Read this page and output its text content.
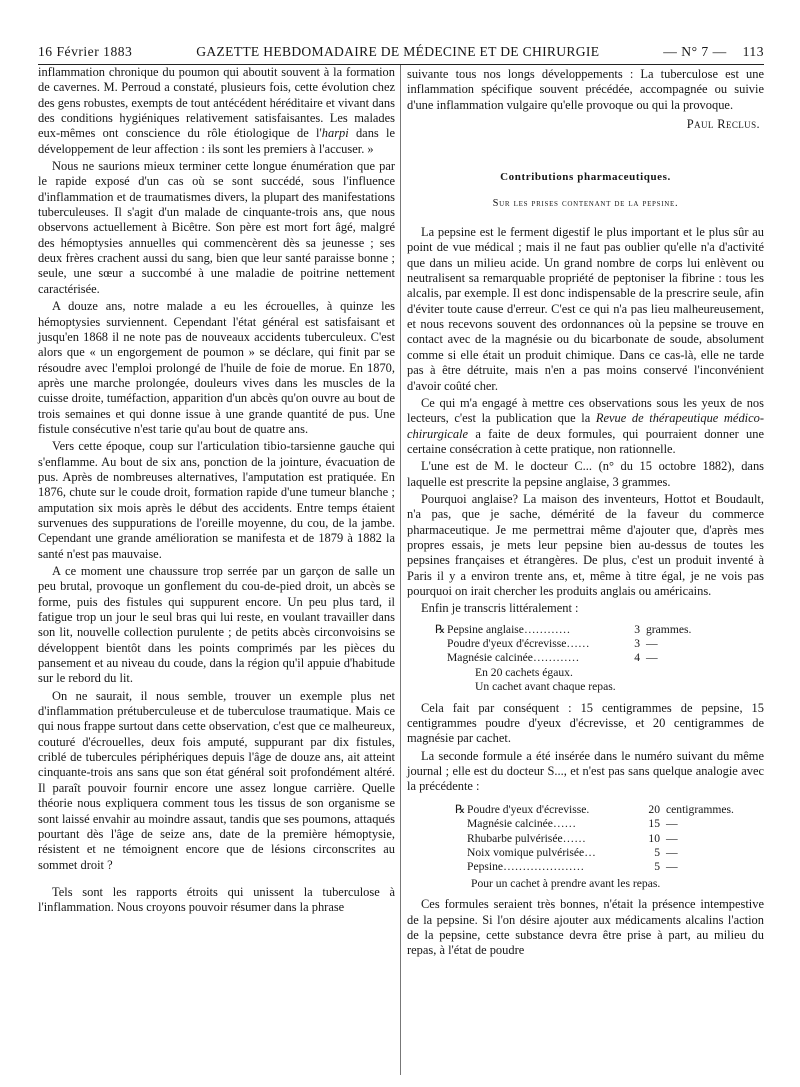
16 Février 1883	GAZETTE HEBDOMADAIRE DE MÉDECINE ET DE CHIRURGIE	— N° 7 — 113

inflammation chronique du poumon qui aboutit souvent à la formation de cavernes. M. Perroud a constaté, plusieurs fois, cette évolution chez des gens robustes, exempts de tout antécédent héréditaire et vivant dans des conditions hygiéniques relativement satisfaisantes. Les malades eux-mêmes ont conscience du rôle étiologique de l'harpi dans le développement de leur affection : ils sont les premiers à l'accuser. »

Nous ne saurions mieux terminer cette longue énumération que par le rapide exposé d'un cas où se sont succédé, sous l'influence d'inflammation et de traumatismes divers, la plupart des manifestations tuberculeuses. Il s'agit d'un malade de cinquante-trois ans, que nous observons actuellement à Bicêtre. Son père est mort fort âgé, malgré des hémoptysies annuelles qui commencèrent dès sa jeunesse ; ses deux frères crachent aussi du sang, bien que leur santé paraisse bonne ; seule, une sœur a succombé à une maladie de poitrine nettement caractérisée.

A douze ans, notre malade a eu les écrouelles, à quinze les hémoptysies surviennent. Cependant l'état général est satisfaisant et jusqu'en 1868 il ne note pas de nouveaux accidents tuberculeux. C'est alors que « un engorgement de poumon » se déclare, qui finit par se résoudre avec l'emploi prolongé de l'huile de foie de morue. En 1870, après une marche prolongée, douleurs vives dans les muscles de la cuisse droite, tuméfaction, apparition d'un abcès qu'on ouvre au bout de trois semaines et qui donne issue à une grande quantité de pus. Une fistule consécutive n'est tarie qu'au bout de quatre ans.

Vers cette époque, coup sur l'articulation tibio-tarsienne gauche qui s'enflamme. Au bout de six ans, ponction de la jointure, évacuation de pus. Après de nombreuses alternatives, l'amputation est pratiquée. En 1876, chute sur le coude droit, formation rapide d'une tumeur blanche ; amputation six mois après le début des accidents. Entre temps étaient survenues des suppurations de l'oreille moyenne, du cou, de la jambe. Cependant une grande amélioration se manifesta et de 1879 à 1882 la santé n'est pas mauvaise.

A ce moment une chaussure trop serrée par un garçon de salle un peu brutal, provoque un gonflement du cou-de-pied droit, un abcès se forme, puis des fistules qui suppurent encore. Un peu plus tard, il fatigue trop un jour le seul bras qui lui reste, en voulant travailler dans son lit, nouvelle collection purulente ; de petits abcès circonvoisins se développent bientôt dans les points comprimés par les pièces du pansement et au niveau du coude, dans la région qu'il appuie d'habitude sur le rebord du lit.

On ne saurait, il nous semble, trouver un exemple plus net d'inflammation prétuberculeuse et de tuberculose traumatique. Mais ce qui nous frappe surtout dans cette observation, c'est que ce malheureux, couturé d'écrouelles, deux fois amputé, suppurant par dix fistules, criblé de tubercules périphériques depuis l'âge de douze ans, ait atteint cinquante-trois ans sans que son état général soit profondément altéré. Il paraît pouvoir fournir encore une assez longue carrière. Quelle théorie nous expliquera comment tous les tissus de son organisme se sont laissé envahir au moindre assaut, tandis que ses poumons, attaqués pourtant dès l'âge de seize ans, date de la première hémoptysie, résistent et ne témoignent encore que de lésions circonscrites au sommet droit ?

Tels sont les rapports étroits qui unissent la tuberculose à l'inflammation. Nous croyons pouvoir résumer dans la phrase

suivante tous nos longs développements : La tuberculose est une inflammation spécifique souvent précédée, accompagnée ou suivie d'une inflammation vulgaire qu'elle provoque ou qui la provoque.

Paul Reclus.
Contributions pharmaceutiques.
Sur les prises contenant de la pepsine.

La pepsine est le ferment digestif le plus important et le plus sûr au point de vue médical ; mais il ne faut pas oublier qu'elle n'a d'activité que dans un milieu acide. Un grand nombre de corps lui enlèvent ou neutralisent sa remarquable propriété de peptoniser la fibrine : tous les alcalis, par exemple. Il est donc indispensable de la prescrire seule, afin d'éviter toute cause d'erreur. C'est ce qui n'a pas lieu malheureusement, et nous recevons souvent des ordonnances où la pepsine se trouve en contact avec de la magnésie ou du bicarbonate de soude, absolument comme si elle était un produit chimique. Dans ce cas-là, elle ne tarde pas à être détruite, mais n'en a pas moins conservé l'inconvénient d'avoir coûté cher.

Ce qui m'a engagé à mettre ces observations sous les yeux de nos lecteurs, c'est la publication que la Revue de thérapeutique médico-chirurgicale a faite de deux formules, qui pourraient donner une certaine consécration à cette pratique, non rationnelle.

L'une est de M. le docteur C... (n° du 15 octobre 1882), dans laquelle est prescrite la pepsine anglaise, 3 grammes.

Pourquoi anglaise? La maison des inventeurs, Hottot et Boudault, n'a pas, que je sache, démérité de la faveur du commerce pharmaceutique. Je me permettrai même d'ajouter que, d'après mes propres essais, je mets leur pepsine bien au-dessus de toutes les pepsines françaises et étrangères. De plus, c'est un produit inventé à Paris il y a environ trente ans, et, même à titre égal, je ne vois pas pourquoi on irait chercher les produits anglais ou américains.

Enfin je transcris littéralement :

℞ Pepsine anglaise…………	3 grammes.
Poudre d'yeux d'écrevisse……	3 —
Magnésie calcinée…………	4 —
En 20 cachets égaux.
Un cachet avant chaque repas.

Cela fait par conséquent : 15 centigrammes de pepsine, 15 centigrammes poudre d'yeux d'écrevisse, et 20 centigrammes de magnésie par cachet.

La seconde formule a été insérée dans le numéro suivant du même journal ; elle est du docteur S..., et n'est pas sans quelque analogie avec la précédente :

℞ Poudre d'yeux d'écrevisse.	20 centigrammes.
Magnésie calcinée……	15 —
Rhubarbe pulvérisée……	10 —
Noix vomique pulvérisée…	5 —
Pepsine…………………	5 —
Pour un cachet à prendre avant les repas.

Ces formules seraient très bonnes, n'était la présence intempestive de la pepsine. Si l'on désire ajouter aux médicaments alcalins l'action de la pepsine, cette substance devra être prise à part, au milieu du repas, à l'état de poudre
